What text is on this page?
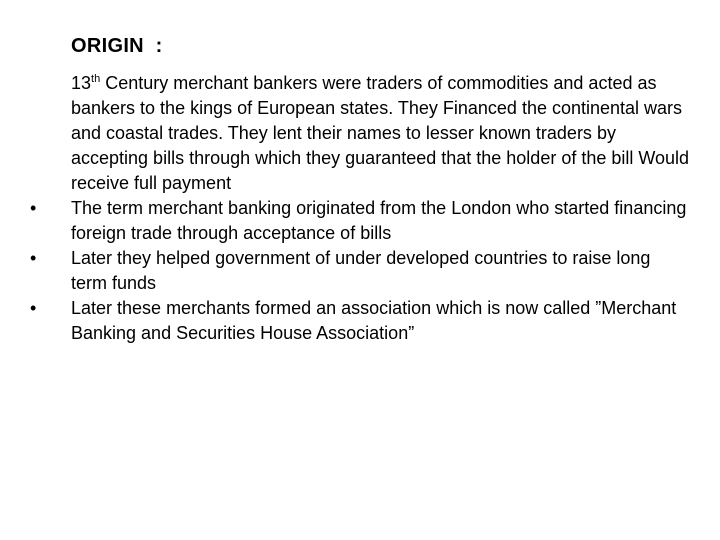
ORIGIN  :
13th Century merchant bankers were traders of commodities and acted as bankers to the kings of European states. They Financed the continental wars and coastal trades. They lent their names to lesser known traders by accepting bills through which they guaranteed that the holder of the bill Would receive full payment
• The term merchant banking originated from the London who started financing foreign trade through acceptance of bills
• Later they helped government of under developed countries to raise long term funds
• Later these merchants formed an association which is now called ”Merchant Banking and Securities House Association”
